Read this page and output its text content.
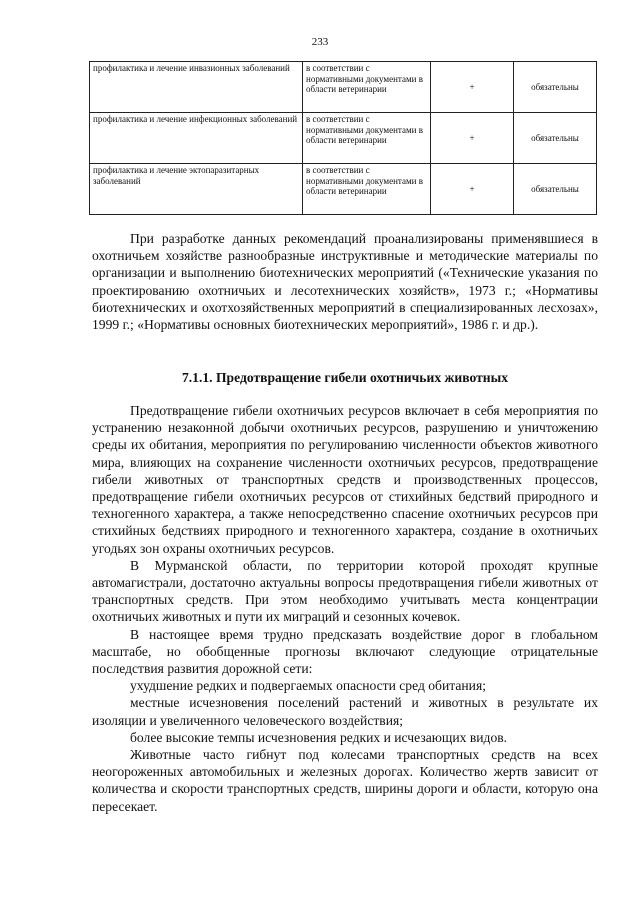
233
профилактика и лечение инвазионных заболеваний	в соответствии с нормативными документами в области ветеринарии	+	обязательны
профилактика и лечение инфекционных заболеваний	в соответствии с нормативными документами в области ветеринарии	+	обязательны
профилактика и лечение эктопаразитарных заболеваний	в соответствии с нормативными документами в области ветеринарии	+	обязательны

При разработке данных рекомендаций проанализированы применявшиеся в охотничьем хозяйстве разнообразные инструктивные и методические материалы по организации и выполнению биотехнических мероприятий («Технические указания по проектированию охотничьих и лесотехнических хозяйств», 1973 г.; «Нормативы биотехнических и охотхозяйственных мероприятий в специализированных лесхозах», 1999 г.; «Нормативы основных биотехнических мероприятий», 1986 г. и др.).

7.1.1. Предотвращение гибели охотничьих животных

Предотвращение гибели охотничьих ресурсов включает в себя мероприятия по устранению незаконной добычи охотничьих ресурсов, разрушению и уничтожению среды их обитания, мероприятия по регулированию численности объектов животного мира, влияющих на сохранение численности охотничьих ресурсов, предотвращение гибели животных от транспортных средств и производственных процессов, предотвращение гибели охотничьих ресурсов от стихийных бедствий природного и техногенного характера, а также непосредственно спасение охотничьих ресурсов при стихийных бедствиях природного и техногенного характера, создание в охотничьих угодьях зон охраны охотничьих ресурсов.

В Мурманской области, по территории которой проходят крупные автомагистрали, достаточно актуальны вопросы предотвращения гибели животных от транспортных средств. При этом необходимо учитывать места концентрации охотничьих животных и пути их миграций и сезонных кочевок.

В настоящее время трудно предсказать воздействие дорог в глобальном масштабе, но обобщенные прогнозы включают следующие отрицательные последствия развития дорожной сети:

ухудшение редких и подвергаемых опасности сред обитания;

местные исчезновения поселений растений и животных в результате их изоляции и увеличенного человеческого воздействия;

более высокие темпы исчезновения редких и исчезающих видов.

Животные часто гибнут под колесами транспортных средств на всех неогороженных автомобильных и железных дорогах. Количество жертв зависит от количества и скорости транспортных средств, ширины дороги и области, которую она пересекает.
